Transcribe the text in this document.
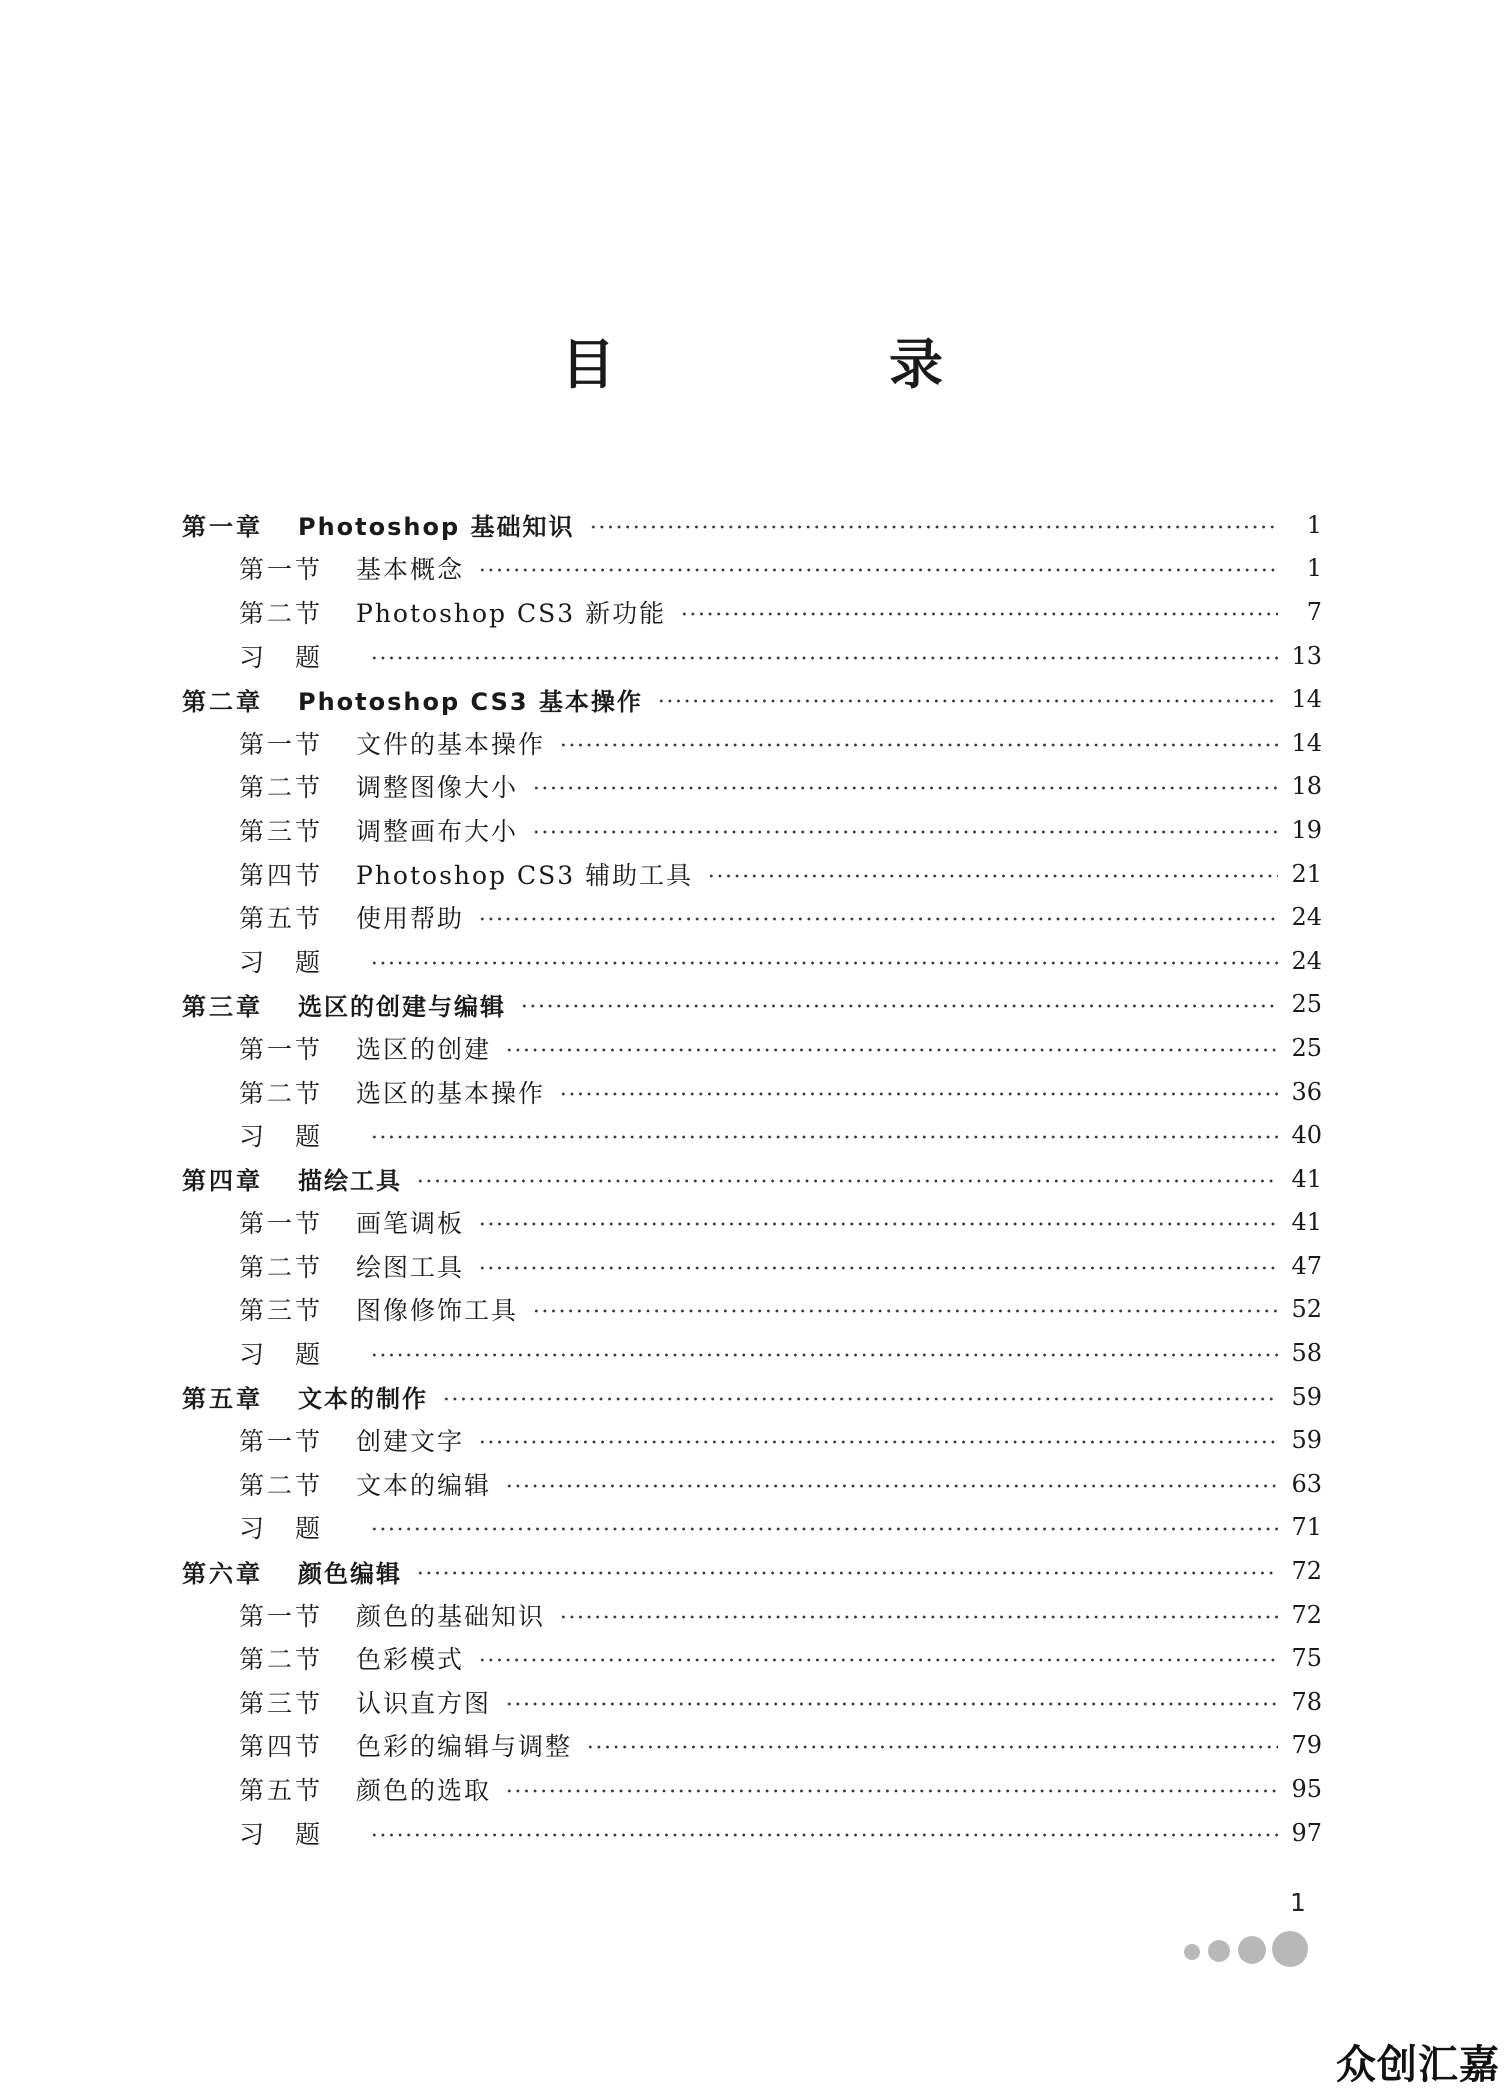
目　录
第一章	Photoshop 基础知识	1
第一节	基本概念	1
第二节	Photoshop CS3 新功能	7
习　题	13
第二章	Photoshop CS3 基本操作	14
第一节	文件的基本操作	14
第二节	调整图像大小	18
第三节	调整画布大小	19
第四节	Photoshop CS3 辅助工具	21
第五节	使用帮助	24
习　题	24
第三章	选区的创建与编辑	25
第一节	选区的创建	25
第二节	选区的基本操作	36
习　题	40
第四章	描绘工具	41
第一节	画笔调板	41
第二节	绘图工具	47
第三节	图像修饰工具	52
习　题	58
第五章	文本的制作	59
第一节	创建文字	59
第二节	文本的编辑	63
习　题	71
第六章	颜色编辑	72
第一节	颜色的基础知识	72
第二节	色彩模式	75
第三节	认识直方图	78
第四节	色彩的编辑与调整	79
第五节	颜色的选取	95
习　题	97
1
众创汇嘉
